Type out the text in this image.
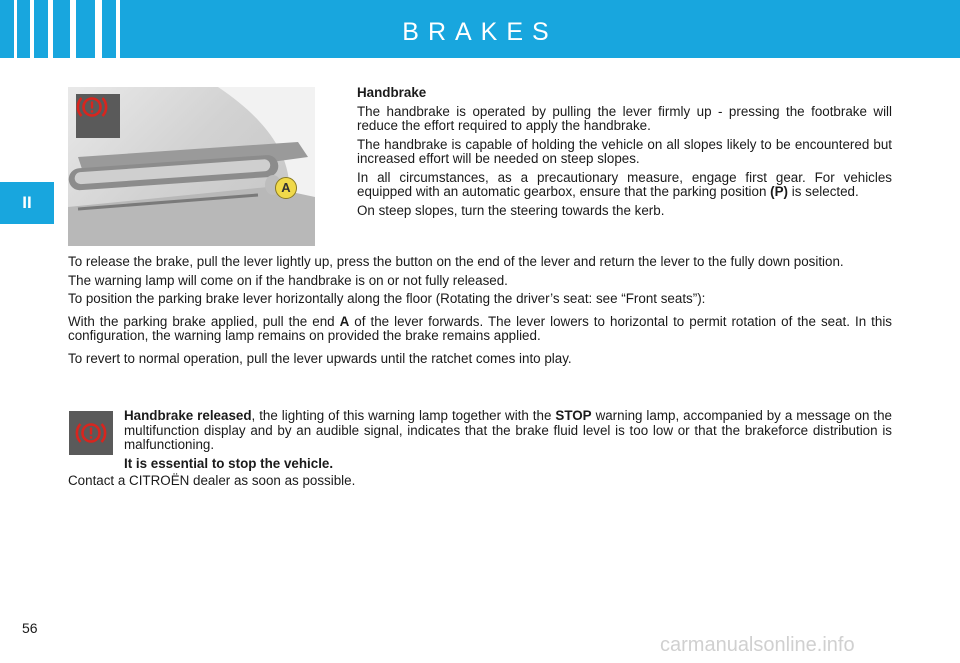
BRAKES
II
A

Handbrake

The handbrake is operated by pulling the lever firmly up - pressing the footbrake will reduce the effort required to apply the handbrake.

The handbrake is capable of holding the vehicle on all slopes likely to be encountered but increased effort will be needed on steep slopes.

In all circumstances, as a precautionary measure, engage first gear. For vehicles equipped with an automatic gearbox, ensure that the parking position (P) is selected.

On steep slopes, turn the steering towards the kerb.

To release the brake, pull the lever lightly up, press the button on the end of the lever and return the lever to the fully down position.

The warning lamp will come on if the handbrake is on or not fully released.

To position the parking brake lever horizontally along the floor (Rotating the driver’s seat: see “Front seats”):

With the parking brake applied, pull the end A of the lever forwards. The lever lowers to horizontal to permit rotation of the seat. In this configuration, the warning lamp remains on provided the brake remains applied.

To revert to normal operation, pull the lever upwards until the ratchet comes into play.

Handbrake released, the lighting of this warning lamp together with the STOP warning lamp, accompanied by a message on the multifunction display and by an audible signal, indicates that the brake fluid level is too low or that the brakeforce distribution is malfunctioning.

It is essential to stop the vehicle.

Contact a CITROËN dealer as soon as possible.
56
carmanualsonline.info
